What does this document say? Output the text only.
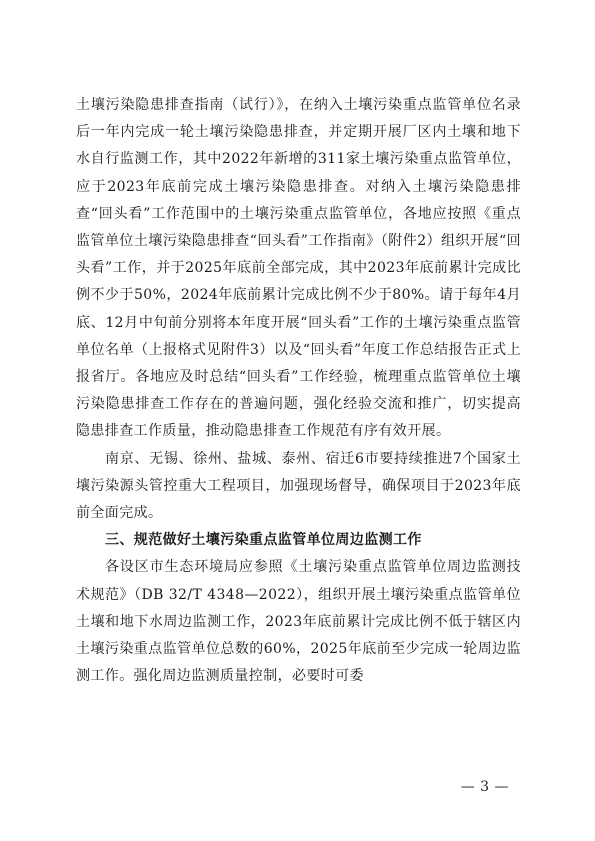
土壤污染隐患排查指南（试行）》，在纳入土壤污染重点监管单位名录后一年内完成一轮土壤污染隐患排查，并定期开展厂区内土壤和地下水自行监测工作，其中2022年新增的311家土壤污染重点监管单位，应于2023年底前完成土壤污染隐患排查。对纳入土壤污染隐患排查“回头看”工作范围中的土壤污染重点监管单位，各地应按照《重点监管单位土壤污染隐患排查“回头看”工作指南》（附件2）组织开展“回头看”工作，并于2025年底前全部完成，其中2023年底前累计完成比例不少于50%，2024年底前累计完成比例不少于80%。请于每年4月底、12月中旬前分别将本年度开展“回头看”工作的土壤污染重点监管单位名单（上报格式见附件3）以及“回头看”年度工作总结报告正式上报省厅。各地应及时总结“回头看”工作经验，梳理重点监管单位土壤污染隐患排查工作存在的普遍问题，强化经验交流和推广，切实提高隐患排查工作质量，推动隐患排查工作规范有序有效开展。

南京、无锡、徐州、盐城、泰州、宿迁6市要持续推进7个国家土壤污染源头管控重大工程项目，加强现场督导，确保项目于2023年底前全面完成。

三、规范做好土壤污染重点监管单位周边监测工作

各设区市生态环境局应参照《土壤污染重点监管单位周边监测技术规范》（DB 32/T 4348—2022），组织开展土壤污染重点监管单位土壤和地下水周边监测工作，2023年底前累计完成比例不低于辖区内土壤污染重点监管单位总数的60%，2025年底前至少完成一轮周边监测工作。强化周边监测质量控制，必要时可委

— 3 —
